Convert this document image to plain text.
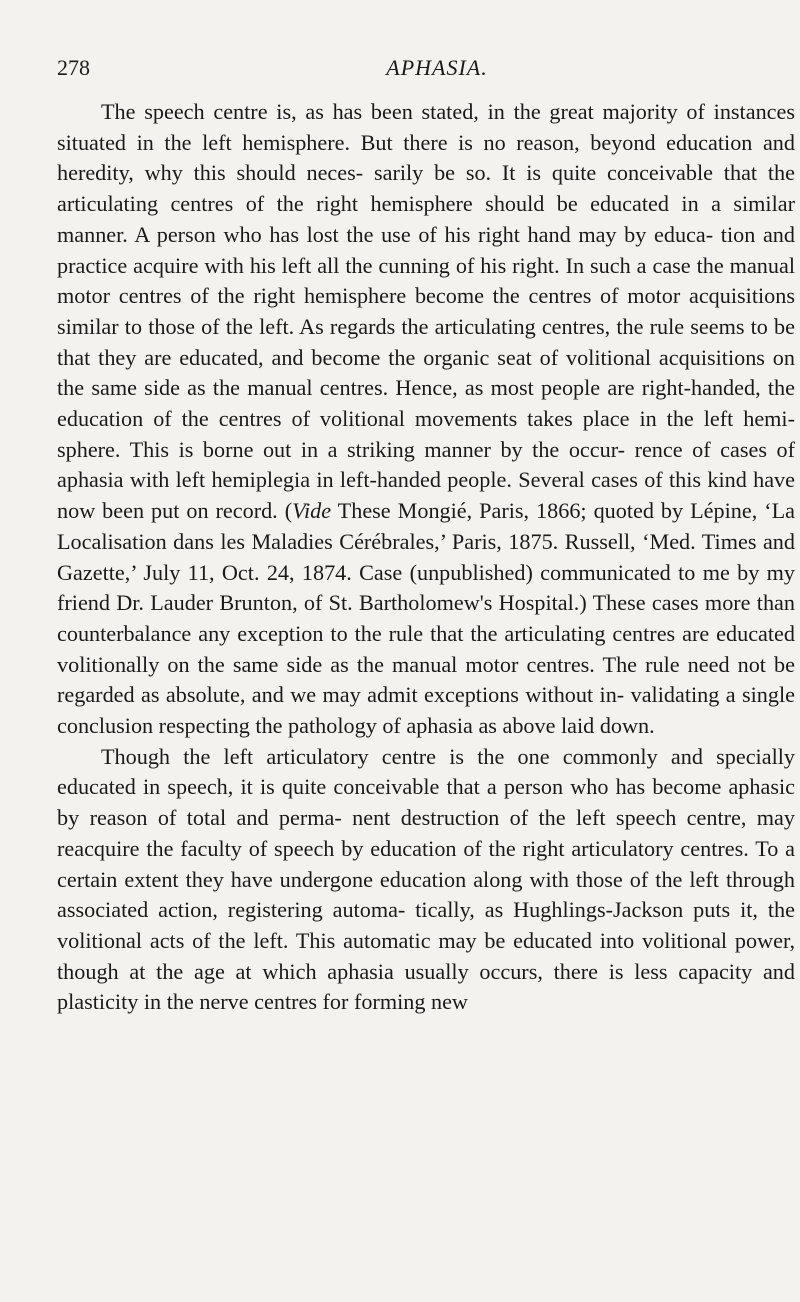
278	APHASIA.

The speech centre is, as has been stated, in the great majority of instances situated in the left hemisphere. But there is no reason, beyond education and heredity, why this should neces- sarily be so. It is quite conceivable that the articulating centres of the right hemisphere should be educated in a similar manner. A person who has lost the use of his right hand may by educa- tion and practice acquire with his left all the cunning of his right. In such a case the manual motor centres of the right hemisphere become the centres of motor acquisitions similar to those of the left. As regards the articulating centres, the rule seems to be that they are educated, and become the organic seat of volitional acquisitions on the same side as the manual centres. Hence, as most people are right-handed, the education of the centres of volitional movements takes place in the left hemi- sphere. This is borne out in a striking manner by the occur- rence of cases of aphasia with left hemiplegia in left-handed people. Several cases of this kind have now been put on record. (Vide These Mongié, Paris, 1866; quoted by Lépine, ‘La Localisation dans les Maladies Cérébrales,’ Paris, 1875. Russell, ‘Med. Times and Gazette,’ July 11, Oct. 24, 1874. Case (unpublished) communicated to me by my friend Dr. Lauder Brunton, of St. Bartholomew's Hospital.) These cases more than counterbalance any exception to the rule that the articulating centres are educated volitionally on the same side as the manual motor centres. The rule need not be regarded as absolute, and we may admit exceptions without in- validating a single conclusion respecting the pathology of aphasia as above laid down.

Though the left articulatory centre is the one commonly and specially educated in speech, it is quite conceivable that a person who has become aphasic by reason of total and perma- nent destruction of the left speech centre, may reacquire the faculty of speech by education of the right articulatory centres. To a certain extent they have undergone education along with those of the left through associated action, registering automa- tically, as Hughlings-Jackson puts it, the volitional acts of the left. This automatic may be educated into volitional power, though at the age at which aphasia usually occurs, there is less capacity and plasticity in the nerve centres for forming new
